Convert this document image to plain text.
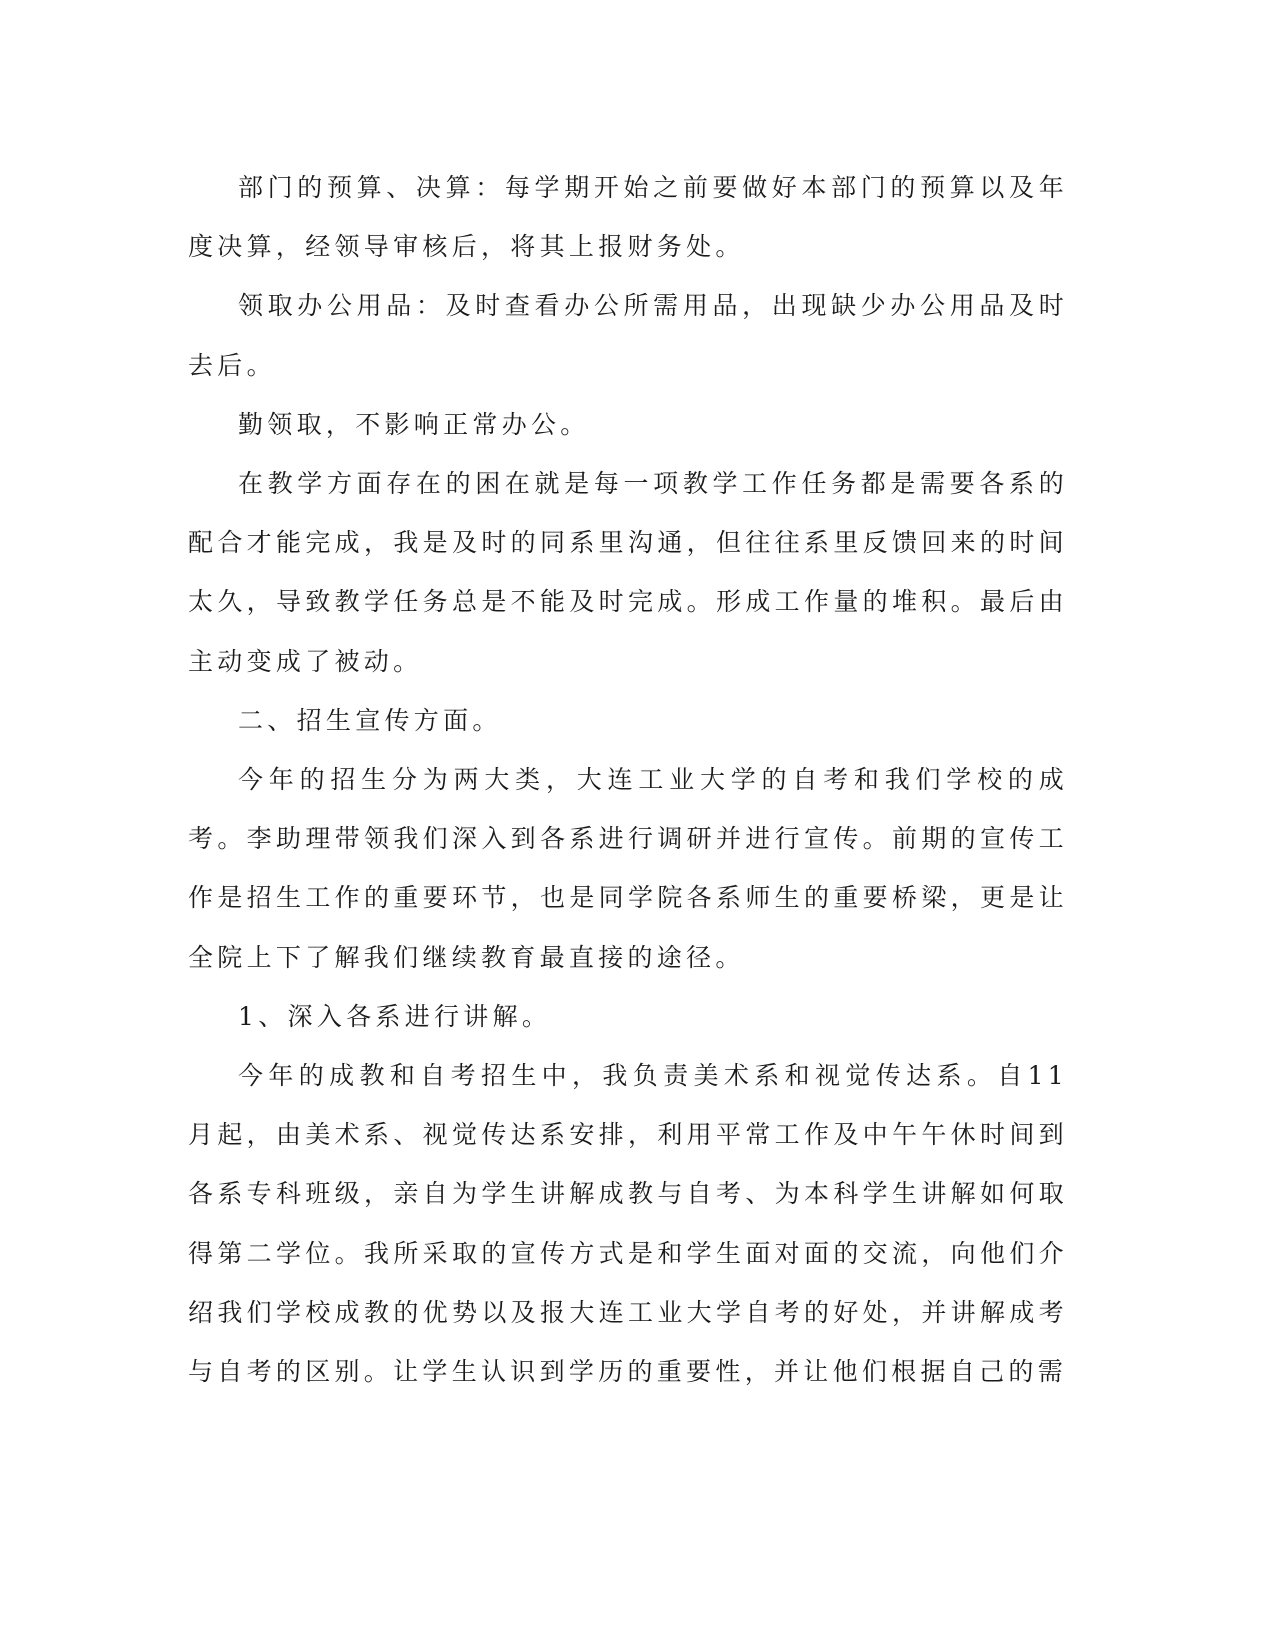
部门的预算、决算：每学期开始之前要做好本部门的预算以及年度决算，经领导审核后，将其上报财务处。

领取办公用品：及时查看办公所需用品，出现缺少办公用品及时去后。

勤领取，不影响正常办公。

在教学方面存在的困在就是每一项教学工作任务都是需要各系的配合才能完成，我是及时的同系里沟通，但往往系里反馈回来的时间太久，导致教学任务总是不能及时完成。形成工作量的堆积。最后由主动变成了被动。

二、招生宣传方面。

今年的招生分为两大类，大连工业大学的自考和我们学校的成考。李助理带领我们深入到各系进行调研并进行宣传。前期的宣传工作是招生工作的重要环节，也是同学院各系师生的重要桥梁，更是让全院上下了解我们继续教育最直接的途径。

1、深入各系进行讲解。

今年的成教和自考招生中，我负责美术系和视觉传达系。自11月起，由美术系、视觉传达系安排，利用平常工作及中午午休时间到各系专科班级，亲自为学生讲解成教与自考、为本科学生讲解如何取得第二学位。我所采取的宣传方式是和学生面对面的交流，向他们介绍我们学校成教的优势以及报大连工业大学自考的好处，并讲解成考与自考的区别。让学生认识到学历的重要性，并让他们根据自己的需
